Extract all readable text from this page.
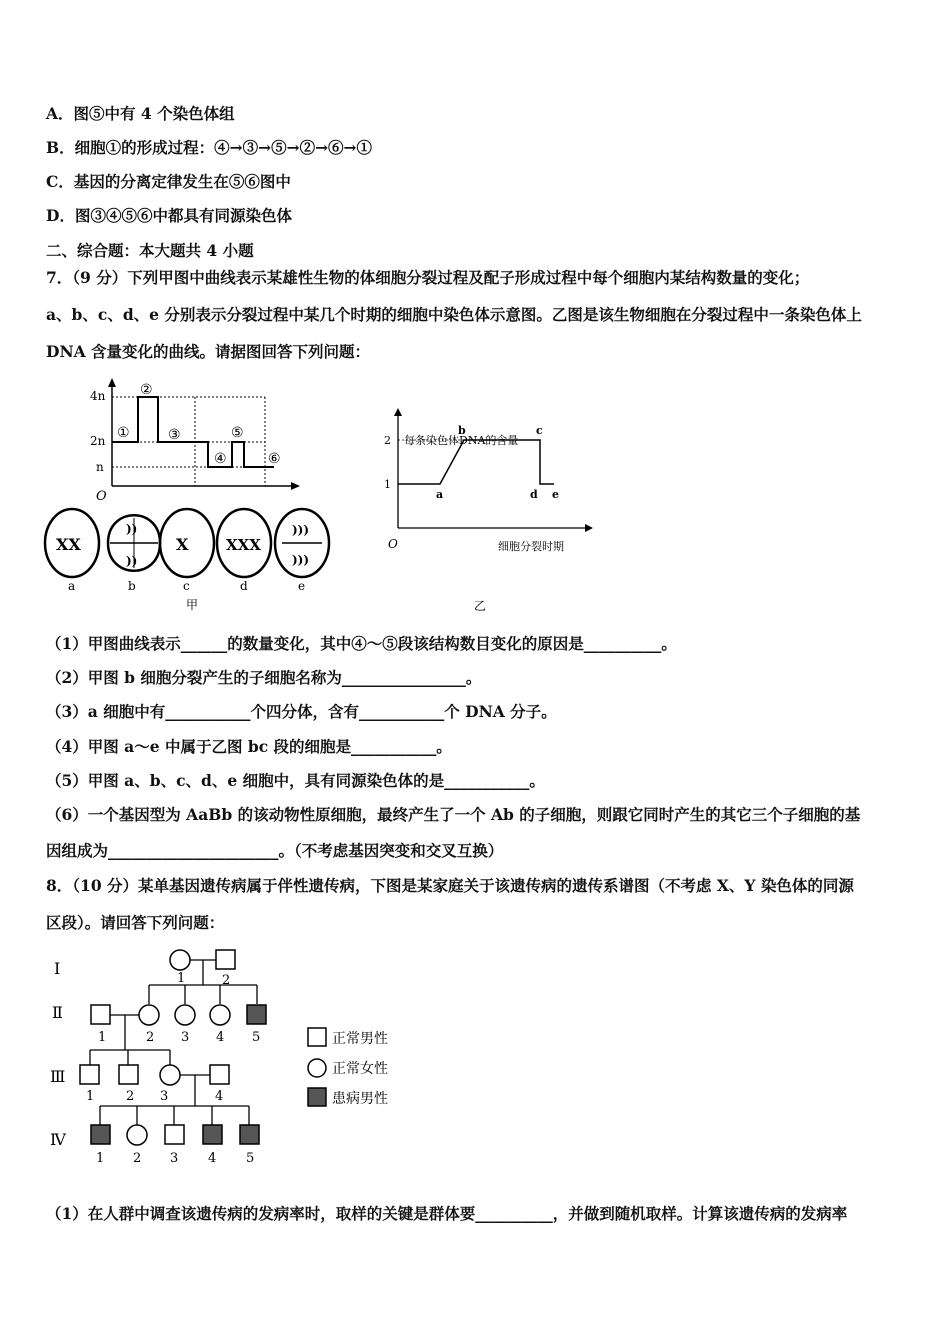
A．图⑤中有 4 个染色体组
B．细胞①的形成过程：④→③→⑤→②→⑥→①
C．基因的分离定律发生在⑤⑥图中
D．图③④⑤⑥中都具有同源染色体
二、综合题：本大题共 4 小题
7．（9 分）下列甲图中曲线表示某雄性生物的体细胞分裂过程及配子形成过程中每个细胞内某结构数量的变化；
a、b、c、d、e 分别表示分裂过程中某几个时期的细胞中染色体示意图。乙图是该生物细胞在分裂过程中一条染色体上
DNA 含量变化的曲线。请据图回答下列问题：
4n
2n
n
O
①
②
③
④
⑤
⑥
XX
))
))
X	XXX
)))
)))
a	b	c	d	e
甲
每条染色体DNA的含量
2
1
a
b	c
d e
O	细胞分裂时期
乙
（1）甲图曲线表示______的数量变化，其中④～⑤段该结构数目变化的原因是__________。
（2）甲图 b 细胞分裂产生的子细胞名称为________________。
（3）a 细胞中有___________个四分体，含有___________个 DNA 分子。
（4）甲图 a～e 中属于乙图 bc 段的细胞是___________。
（5）甲图 a、b、c、d、e 细胞中，具有同源染色体的是___________。
（6）一个基因型为 AaBb 的该动物性原细胞，最终产生了一个 Ab 的子细胞，则跟它同时产生的其它三个子细胞的基
因组成为______________________。（不考虑基因突变和交叉互换）
8．（10 分）某单基因遗传病属于伴性遗传病，下图是某家庭关于该遗传病的遗传系谱图（不考虑 X、Y 染色体的同源
区段）。请回答下列问题：
Ⅰ
Ⅱ
Ⅲ
Ⅳ
1	2
1	2 3 4 5
1 2 3	4
1 2 3 4 5
正常男性
正常女性
患病男性
（1）在人群中调查该遗传病的发病率时，取样的关键是群体要__________，并做到随机取样。计算该遗传病的发病率
